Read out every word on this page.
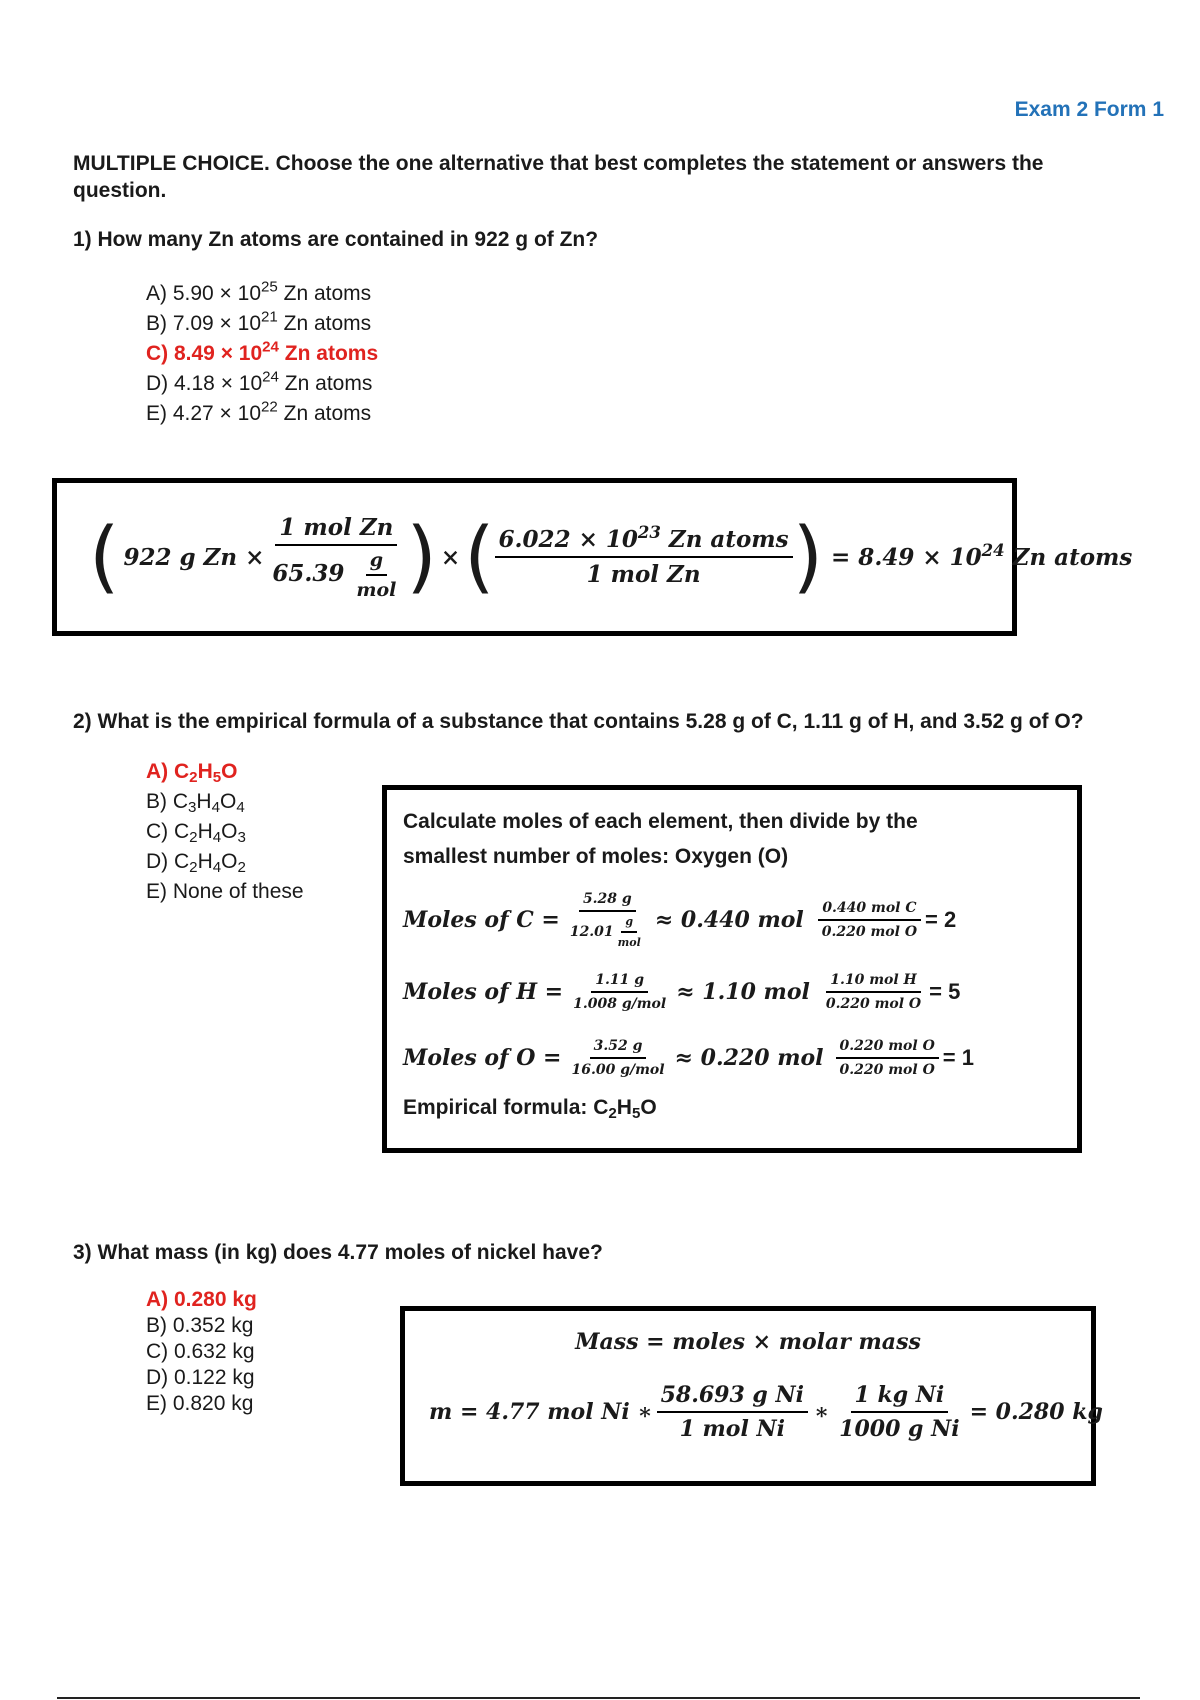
Exam 2 Form 1
MULTIPLE CHOICE. Choose the one alternative that best completes the statement or answers the question.
1) How many Zn atoms are contained in 922 g of Zn?
A) $5.90 \times 10^{25}$ Zn atoms
B) $7.09 \times 10^{21}$ Zn atoms
C) $8.49 \times 10^{24}$ Zn atoms
D) $4.18 \times 10^{24}$ Zn atoms
E) $4.27 \times 10^{22}$ Zn atoms
( 922 g $Zn \times \frac{\text{1 mol Zn}}{65.39 \frac{g}{\text{mol}}}$ ) × ( $\frac{6.022 \times 10^{23} Zn atoms}{\text{1 mol Zn}}$ ) = $8.49 \times 10^{24}$ Zn atoms
2) What is the empirical formula of a substance that contains 5.28 g of C, 1.11 g of H, and 3.52 g of O?
A) $C_2H_5O$
B) $C_3H_4O_4$
C) $C_2H_4O_3$
D) $C_2H_4O_2$
E) None of these
Calculate moles of each element, then divide by the
smallest number of moles: Oxygen (O)
Moles of $C = \frac{5.28 g}{12.01 \frac{g}{\text{mol}}} \approx 0.440$ mol $\frac{\text{0.440 mol C}}{\text{0.220 mol O}} = 2$
Moles of $H = \frac{1.11 g}{\text{1.008 g/mol}} \approx 1.10$ mol $\frac{\text{1.10 mol H}}{\text{0.220 mol O}} = 5$
Moles of $O = \frac{3.52 g}{\text{16.00 g/mol}} \approx 0.220$ mol $\frac{\text{0.220 mol O}}{\text{0.220 mol O}} = 1$
Empirical formula: $C_2H_5O$
3) What mass (in kg) does 4.77 moles of nickel have?
A) 0.280 kg
B) 0.352 kg
C) 0.632 kg
D) 0.122 kg
E) 0.820 kg
Mass = moles × molar mass
m = 4.77 mol Ni ∗ $\frac{\text{58.693 g Ni}}{\text{1 mol Ni}}$ ∗ $\frac{\text{1 kg Ni}}{\text{1000 g Ni}} = 0.280$ kg
